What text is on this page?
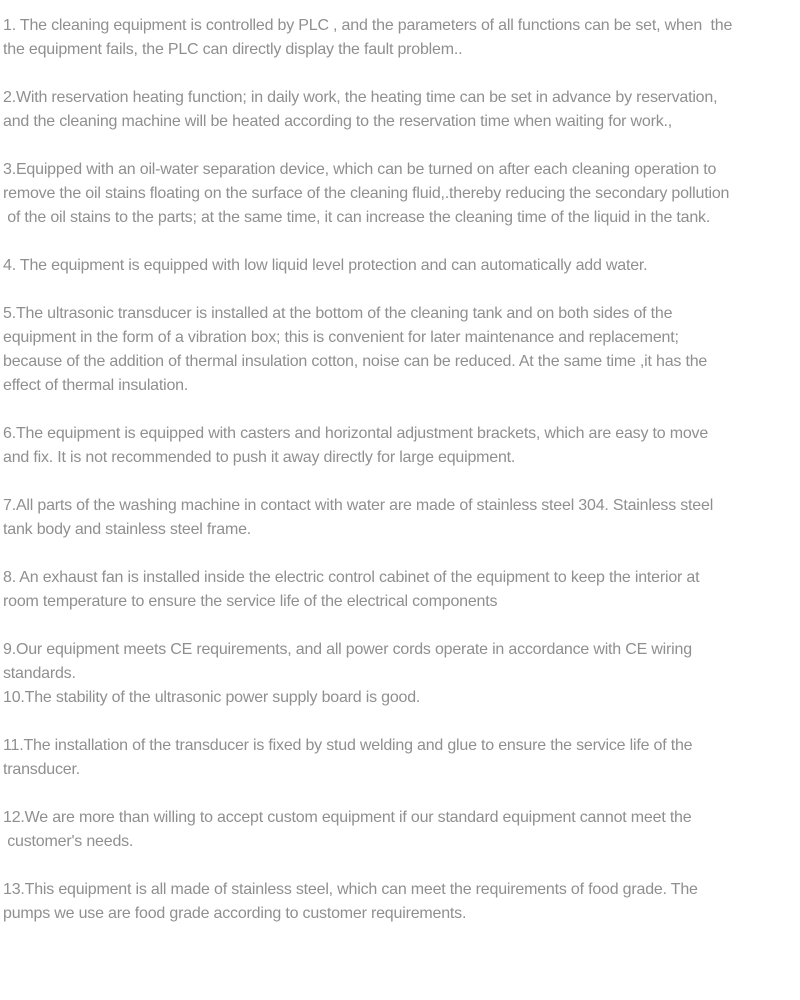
1. The cleaning equipment is controlled by PLC , and the parameters of all functions can be set, when  the
the equipment fails, the PLC can directly display the fault problem..
2.With reservation heating function; in daily work, the heating time can be set in advance by reservation,
and the cleaning machine will be heated according to the reservation time when waiting for work.,
3.Equipped with an oil-water separation device, which can be turned on after each cleaning operation to
remove the oil stains floating on the surface of the cleaning fluid,.thereby reducing the secondary pollution
of the oil stains to the parts; at the same time, it can increase the cleaning time of the liquid in the tank.
4. The equipment is equipped with low liquid level protection and can automatically add water.
5.The ultrasonic transducer is installed at the bottom of the cleaning tank and on both sides of the
equipment in the form of a vibration box; this is convenient for later maintenance and replacement;
because of the addition of thermal insulation cotton, noise can be reduced. At the same time ,it has the
effect of thermal insulation.
6.The equipment is equipped with casters and horizontal adjustment brackets, which are easy to move
and fix. It is not recommended to push it away directly for large equipment.
7.All parts of the washing machine in contact with water are made of stainless steel 304. Stainless steel
tank body and stainless steel frame.
8. An exhaust fan is installed inside the electric control cabinet of the equipment to keep the interior at
room temperature to ensure the service life of the electrical components
9.Our equipment meets CE requirements, and all power cords operate in accordance with CE wiring
standards.
10.The stability of the ultrasonic power supply board is good.
11.The installation of the transducer is fixed by stud welding and glue to ensure the service life of the
transducer.
12.We are more than willing to accept custom equipment if our standard equipment cannot meet the
customer's needs.
13.This equipment is all made of stainless steel, which can meet the requirements of food grade. The
pumps we use are food grade according to customer requirements.
